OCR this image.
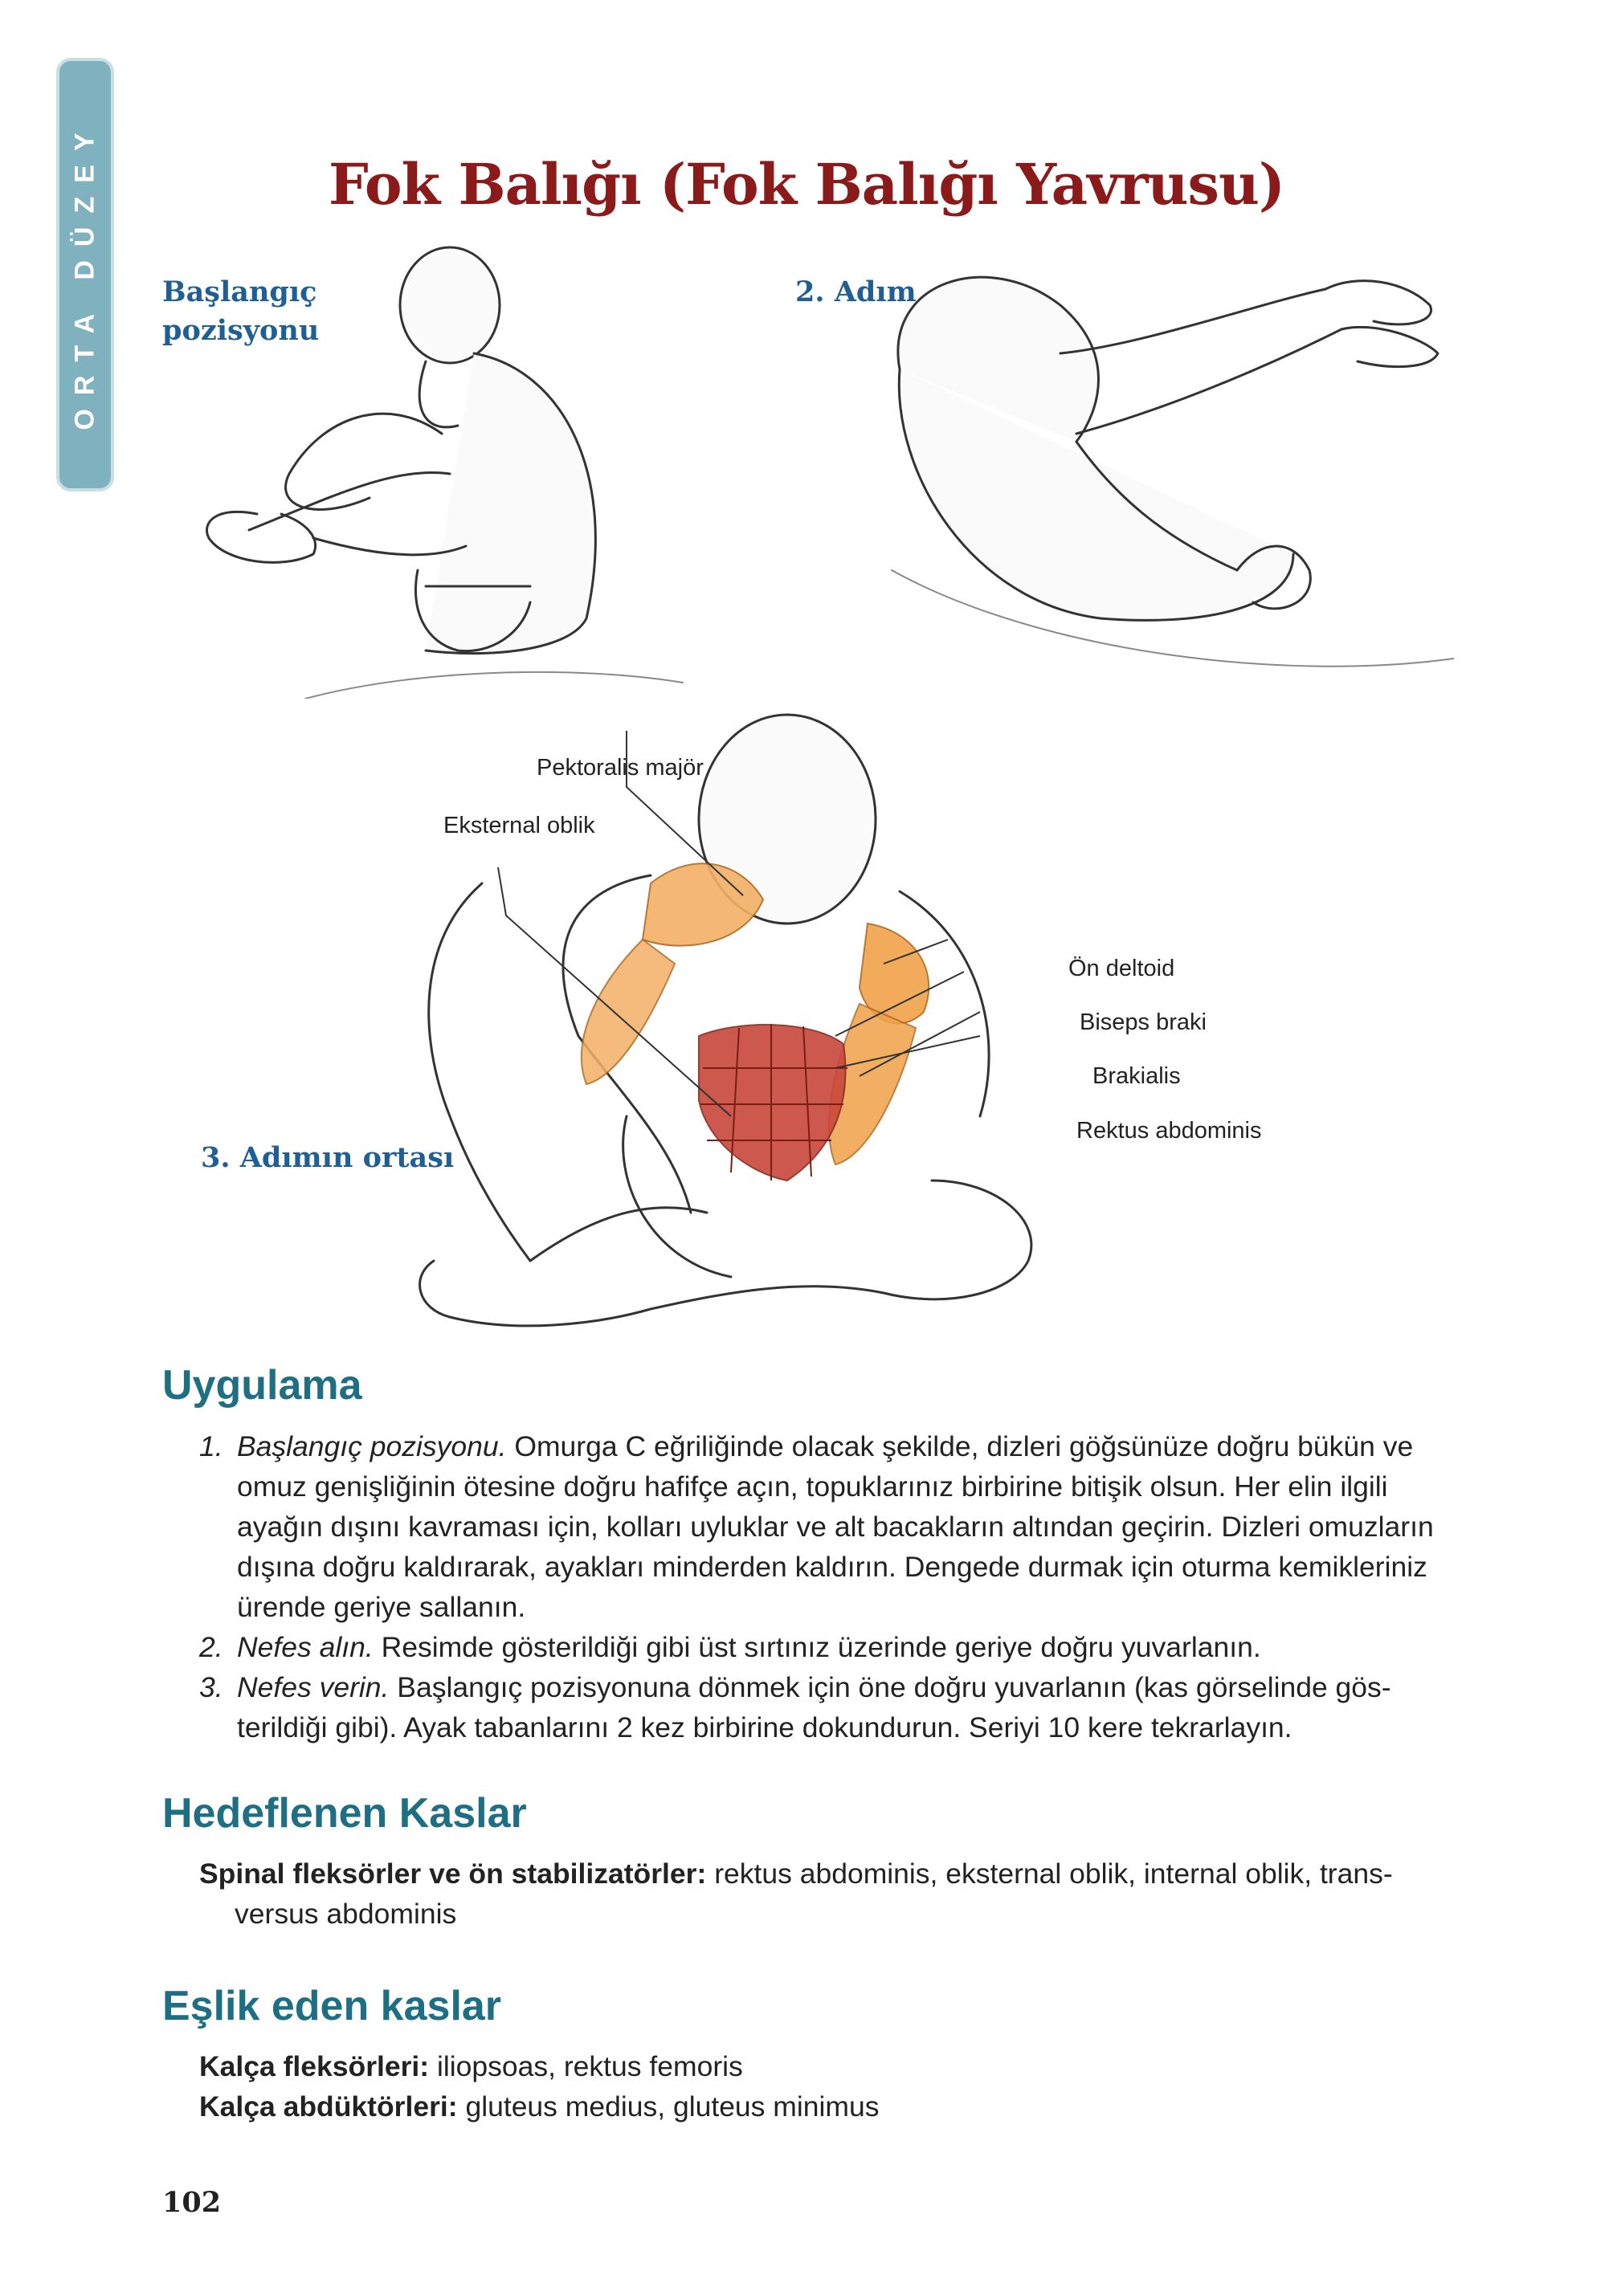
ORTA DÜZEY	Fok Balığı (Fok Balığı Yavrusu)
Başlangıç
pozisyonu
2. Adım
3. Adımın ortası
Pektoralis majör
Eksternal oblik
Ön deltoid
Biseps braki
Brakialis
Rektus abdominis
Uygulama
1. Başlangıç pozisyonu. Omurga C eğriliğinde olacak şekilde, dizleri göğsünüze doğru bükün ve omuz genişliğinin ötesine doğru hafifçe açın, topuklarınız birbirine bitişik olsun. Her elin ilgili ayağın dışını kavraması için, kolları uyluklar ve alt bacakların altından geçirin. Dizleri omuzların dışına doğru kaldırarak, ayakları minderden kaldırın. Dengede durmak için oturma kemikleriniz ürende geriye sallanın.
2. Nefes alın. Resimde gösterildiği gibi üst sırtınız üzerinde geriye doğru yuvarlanın.
3. Nefes verin. Başlangıç pozisyonuna dönmek için öne doğru yuvarlanın (kas görselinde gösterildiği gibi). Ayak tabanlarını 2 kez birbirine dokundurun. Seriyi 10 kere tekrarlayın.
Hedeflenen Kaslar
Spinal fleksörler ve ön stabilizatörler: rektus abdominis, eksternal oblik, internal oblik, transversus abdominis
Eşlik eden kaslar
Kalça fleksörleri: iliopsoas, rektus femoris
Kalça abdüktörleri: gluteus medius, gluteus minimus
102
